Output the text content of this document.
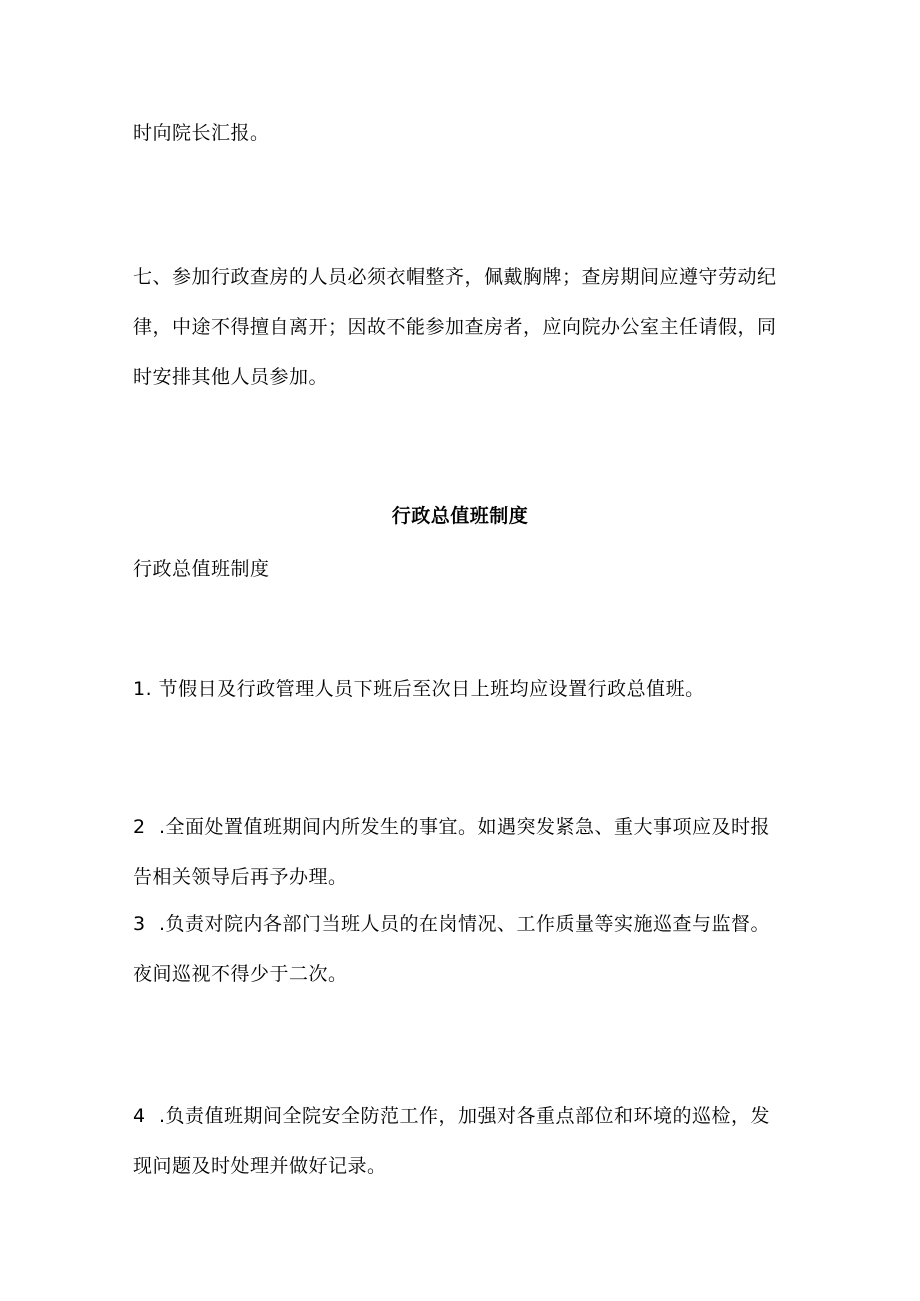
时向院长汇报。
七、参加行政查房的人员必须衣帽整齐，佩戴胸牌；查房期间应遵守劳动纪
律，中途不得擅自离开；因故不能参加查房者，应向院办公室主任请假，同
时安排其他人员参加。
行政总值班制度
行政总值班制度
1. 节假日及行政管理人员下班后至次日上班均应设置行政总值班。
2 .全面处置值班期间内所发生的事宜。如遇突发紧急、重大事项应及时报
告相关领导后再予办理。
3 .负责对院内各部门当班人员的在岗情况、工作质量等实施巡查与监督。
夜间巡视不得少于二次。
4 .负责值班期间全院安全防范工作，加强对各重点部位和环境的巡检，发
现问题及时处理并做好记录。
